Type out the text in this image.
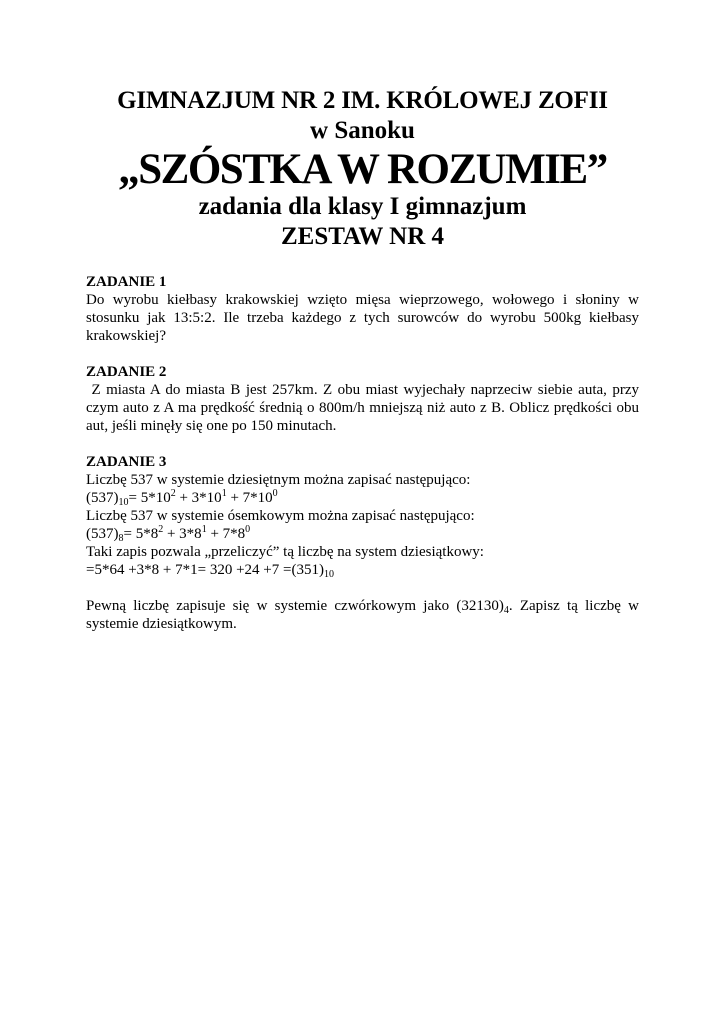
GIMNAZJUM NR 2 IM. KRÓLOWEJ ZOFII
w Sanoku
„SZÓSTKA W ROZUMIE”
zadania dla klasy I gimnazjum
ZESTAW NR 4
ZADANIE 1
Do wyrobu kiełbasy krakowskiej wzięto mięsa wieprzowego, wołowego i słoniny w stosunku jak 13:5:2. Ile trzeba każdego z tych surowców do wyrobu 500kg kiełbasy krakowskiej?
ZADANIE 2
Z miasta A do miasta B jest 257km. Z obu miast wyjechały naprzeciw siebie auta, przy czym auto z A ma prędkość średnią o 800m/h mniejszą niż auto z B. Oblicz prędkości obu aut, jeśli minęły się one po 150 minutach.
ZADANIE 3
Liczbę 537 w systemie dziesiętnym można zapisać następująco:
$(537)_{10}= 5*10^2 + 3*10^1 + 7*10^0$
Liczbę 537 w systemie ósemkowym można zapisać następująco:
$(537)_8= 5*8^2 + 3*8^1 + 7*8^0$
Taki zapis pozwala „przeliczyć” tą liczbę na system dziesiątkowy:
$=5*64 +3*8 + 7*1= 320 +24 +7 =(351)_{10}$
Pewną liczbę zapisuje się w systemie czwórkowym jako $(32130)_4$. Zapisz tą liczbę w systemie dziesiątkowym.
